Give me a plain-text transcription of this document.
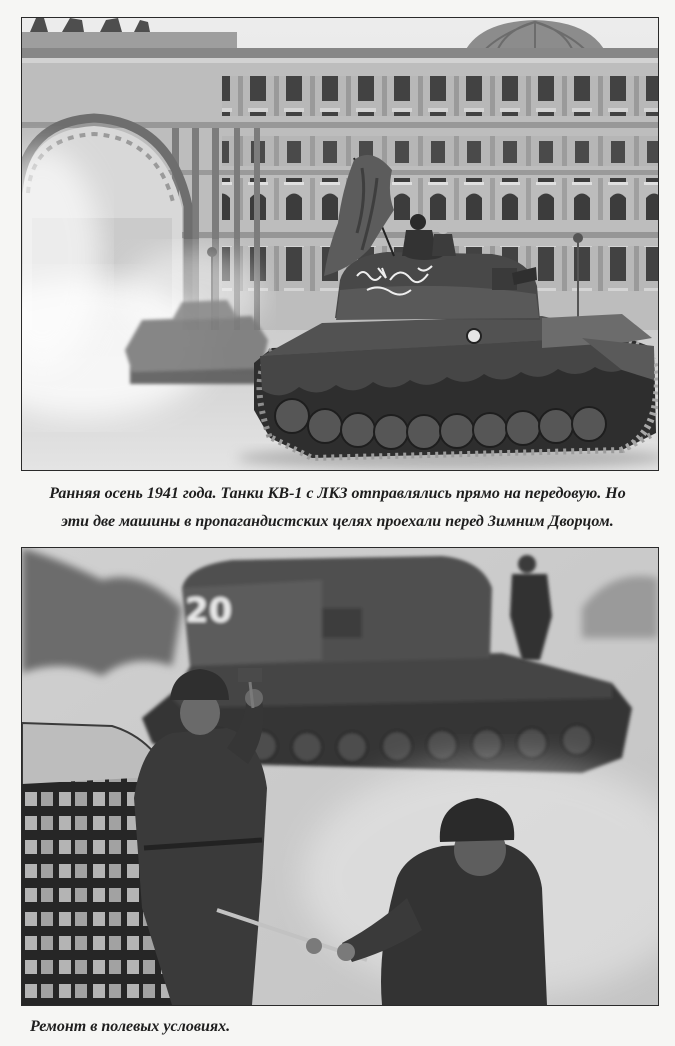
Ранняя осень 1941 года. Танки КВ-1 с ЛКЗ отправлялись прямо на передовую. Но
эти две машины в пропагандистских целях проехали перед Зимним Дворцом.
20
Ремонт в полевых условиях.
